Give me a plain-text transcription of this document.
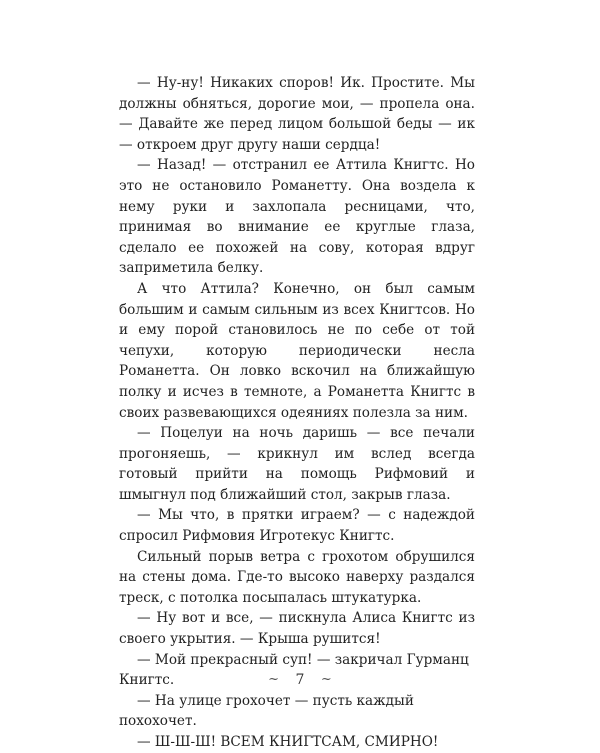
— Ну-ну! Никаких споров! Ик. Простите. Мы должны обняться, дорогие мои, — пропела она. — Давайте же перед лицом большой беды — ик — откроем друг другу наши сердца!

— Назад! — отстранил ее Аттила Книгтс. Но это не остановило Романетту. Она воздела к нему руки и захлопала ресницами, что, принимая во внимание ее круглые глаза, сделало ее похожей на сову, которая вдруг заприметила белку.

А что Аттила? Конечно, он был самым большим и самым сильным из всех Книгтсов. Но и ему порой становилось не по себе от той чепухи, которую периодически несла Романетта. Он ловко вскочил на ближайшую полку и исчез в темноте, а Романетта Книгтс в своих развевающихся одеяниях полезла за ним.

— Поцелуи на ночь даришь — все печали прогоняешь, — крикнул им вслед всегда готовый прийти на помощь Рифмовий и шмыгнул под ближайший стол, закрыв глаза.

— Мы что, в прятки играем? — с надеждой спросил Рифмовия Игротекус Книгтс.

Сильный порыв ветра с грохотом обрушился на стены дома. Где-то высоко наверху раздался треск, с потолка посыпалась штукатурка.

— Ну вот и все, — пискнула Алиса Книгтс из своего укрытия. — Крыша рушится!

— Мой прекрасный суп! — закричал Гурманц Книгтс.

— На улице грохочет — пусть каждый похохочет.

— Ш-Ш-Ш! ВСЕМ КНИГТСАМ, СМИРНО!

~ 7 ~
